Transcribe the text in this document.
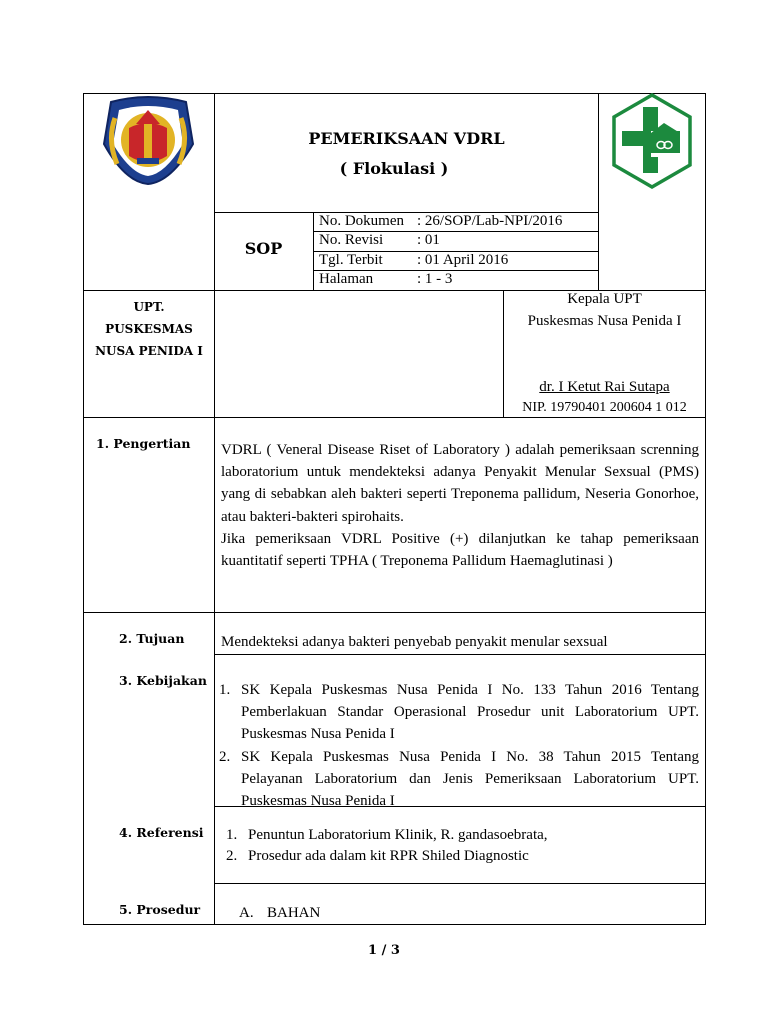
PEMERIKSAAN VDRL
( Flokulasi )
SOP
No. Dokumen : 26/SOP/Lab-NPI/2016
No. Revisi : 01
Tgl. Terbit : 01 April 2016
Halaman	: 1 - 3
UPT.
PUSKESMAS
NUSA PENIDA I
Kepala UPT
Puskesmas Nusa Penida I
dr. I Ketut Rai Sutapa
NIP. 19790401 200604 1 012
1. Pengertian VDRL ( Veneral Disease Riset of Laboratory ) adalah pemeriksaan screnning laboratorium untuk mendekteksi adanya Penyakit Menular Sexsual (PMS) yang di sebabkan aleh bakteri seperti Treponema pallidum, Neseria Gonorhoe, atau bakteri-bakteri spirohaits.
Jika pemeriksaan VDRL Positive (+) dilanjutkan ke tahap pemeriksaan kuantitatif seperti TPHA ( Treponema Pallidum Haemaglutinasi )
2. Tujuan Mendekteksi adanya bakteri penyebab penyakit menular sexsual
3. Kebijakan
1. SK Kepala Puskesmas Nusa Penida I No. 133 Tahun 2016 Tentang Pemberlakuan Standar Operasional Prosedur unit Laboratorium UPT. Puskesmas Nusa Penida I
2. SK Kepala Puskesmas Nusa Penida I No. 38 Tahun 2015 Tentang Pelayanan Laboratorium dan Jenis Pemeriksaan Laboratorium UPT. Puskesmas Nusa Penida I
4. Referensi 1. Penuntun Laboratorium Klinik, R. gandasoebrata,
2. Prosedur ada dalam kit RPR Shiled Diagnostic
5. Prosedur	A. BAHAN
1 / 3
